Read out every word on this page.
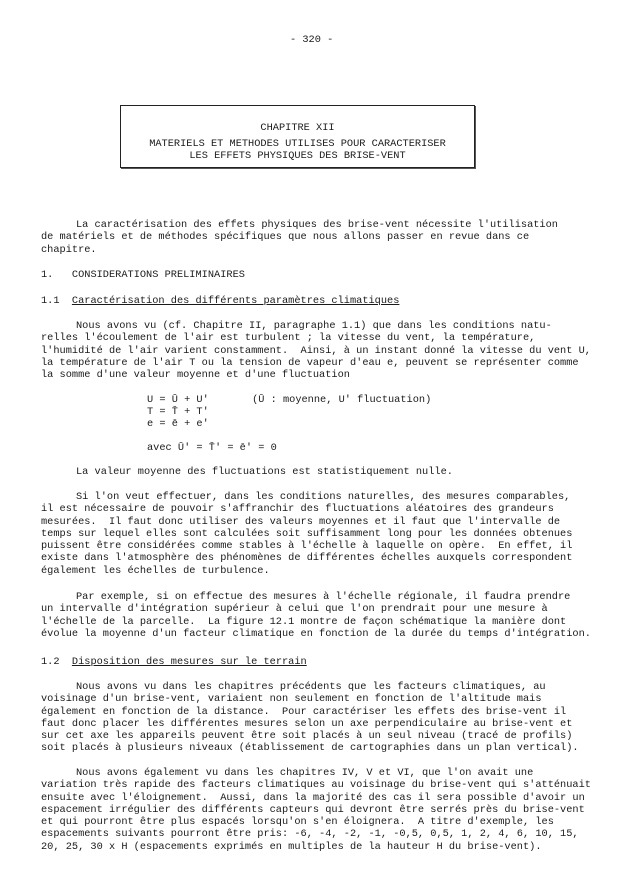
- 320 -
CHAPITRE XII
MATERIELS ET METHODES UTILISES POUR CARACTERISER
LES EFFETS PHYSIQUES DES BRISE-VENT
La caractérisation des effets physiques des brise-vent nécessite l'utilisation
de matériels et de méthodes spécifiques que nous allons passer en revue dans ce
chapitre.
1. CONSIDERATIONS PRELIMINAIRES
1.1 Caractérisation des différents paramètres climatiques
Nous avons vu (cf. Chapitre II, paragraphe 1.1) que dans les conditions natu-
relles l'écoulement de l'air est turbulent ; la vitesse du vent, la température,
l'humidité de l'air varient constamment.  Ainsi, à un instant donné la vitesse du vent U,
la température de l'air T ou la tension de vapeur d'eau e, peuvent se représenter comme
la somme d'une valeur moyenne et d'une fluctuation
U = Ū + U'	(Ū : moyenne, U' fluctuation)
T = T̄ + T'
e = ē + e'
avec Ū' = T̄' = ē' = 0
La valeur moyenne des fluctuations est statistiquement nulle.
Si l'on veut effectuer, dans les conditions naturelles, des mesures comparables,
il est nécessaire de pouvoir s'affranchir des fluctuations aléatoires des grandeurs
mesurées.  Il faut donc utiliser des valeurs moyennes et il faut que l'intervalle de
temps sur lequel elles sont calculées soit suffisamment long pour les données obtenues
puissent être considérées comme stables à l'échelle à laquelle on opère.  En effet, il
existe dans l'atmosphère des phénomènes de différentes échelles auxquels correspondent
également les échelles de turbulence.
Par exemple, si on effectue des mesures à l'échelle régionale, il faudra prendre
un intervalle d'intégration supérieur à celui que l'on prendrait pour une mesure à
l'échelle de la parcelle.  La figure 12.1 montre de façon schématique la manière dont
évolue la moyenne d'un facteur climatique en fonction de la durée du temps d'intégration.
1.2 Disposition des mesures sur le terrain
Nous avons vu dans les chapitres précédents que les facteurs climatiques, au
voisinage d'un brise-vent, variaient non seulement en fonction de l'altitude mais
également en fonction de la distance.  Pour caractériser les effets des brise-vent il
faut donc placer les différentes mesures selon un axe perpendiculaire au brise-vent et
sur cet axe les appareils peuvent être soit placés à un seul niveau (tracé de profils)
soit placés à plusieurs niveaux (établissement de cartographies dans un plan vertical).
Nous avons également vu dans les chapitres IV, V et VI, que l'on avait une
variation très rapide des facteurs climatiques au voisinage du brise-vent qui s'atténuait
ensuite avec l'éloignement.  Aussi, dans la majorité des cas il sera possible d'avoir un
espacement irrégulier des différents capteurs qui devront être serrés près du brise-vent
et qui pourront être plus espacés lorsqu'on s'en éloignera.  A titre d'exemple, les
espacements suivants pourront être pris: -6, -4, -2, -1, -0,5, 0,5, 1, 2, 4, 6, 10, 15,
20, 25, 30 x H (espacements exprimés en multiples de la hauteur H du brise-vent).
